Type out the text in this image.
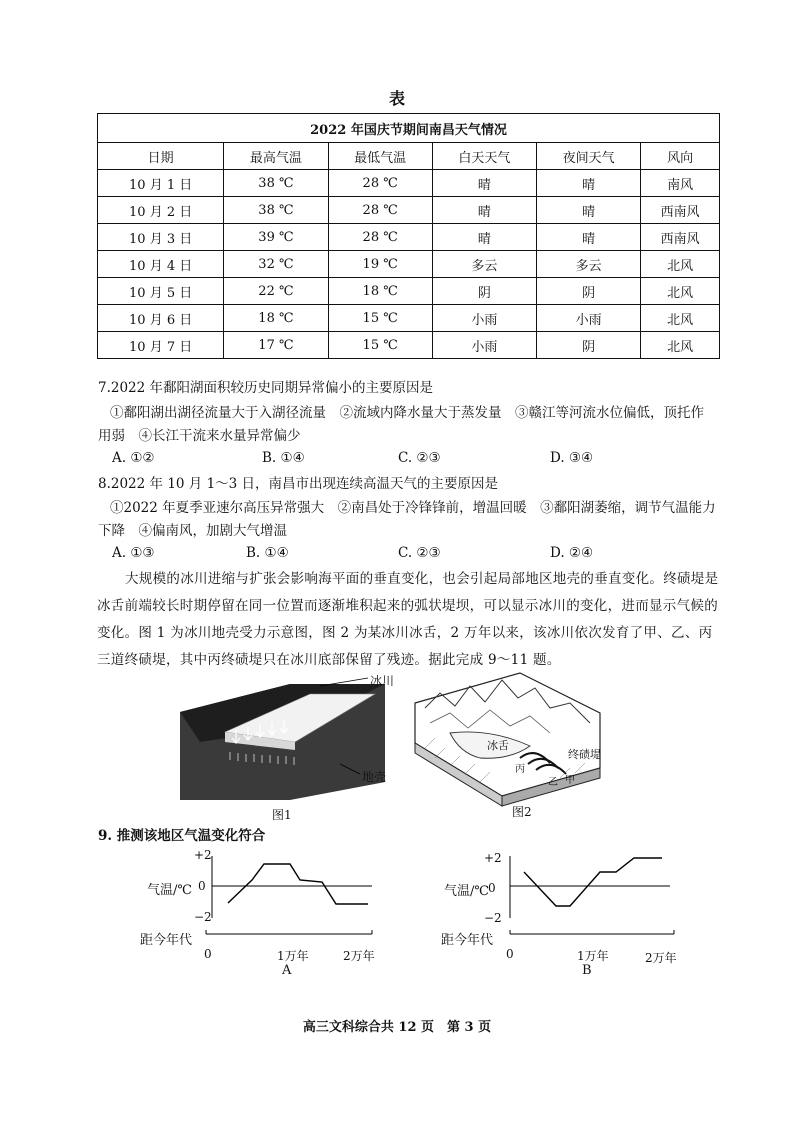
表
2022 年国庆节期间南昌天气情况					
日期	最高气温	最低气温	白天天气	夜间天气	风向
10 月 1 日	38 ℃	28 ℃	晴	晴	南风
10 月 2 日	38 ℃	28 ℃	晴	晴	西南风
10 月 3 日	39 ℃	28 ℃	晴	晴	西南风
10 月 4 日	32 ℃	19 ℃	多云	多云	北风
10 月 5 日	22 ℃	18 ℃	阴	阴	北风
10 月 6 日	18 ℃	15 ℃	小雨	小雨	北风
10 月 7 日	17 ℃	15 ℃	小雨	阴	北风
7.2022 年鄱阳湖面积较历史同期异常偏小的主要原因是
①鄱阳湖出湖径流量大于入湖径流量　②流域内降水量大于蒸发量　③赣江等河流水位偏低，顶托作
用弱　④长江干流来水量异常偏少
A. ①②	B. ①④	C. ②③	D. ③④
8.2022 年 10 月 1～3 日，南昌市出现连续高温天气的主要原因是
①2022 年夏季亚速尔高压异常强大　②南昌处于冷锋锋前，增温回暖　③鄱阳湖萎缩，调节气温能力
下降　④偏南风，加剧大气增温
A. ①③	B. ①④	C. ②③	D. ②④
大规模的冰川进缩与扩张会影响海平面的垂直变化，也会引起局部地区地壳的垂直变化。终碛堤是冰舌前端较长时期停留在同一位置而逐渐堆积起来的弧状堤坝，可以显示冰川的变化，进而显示气候的变化。图 1 为冰川地壳受力示意图，图 2 为某冰川冰舌，2 万年以来，该冰川依次发育了甲、乙、丙三道终碛堤，其中丙终碛堤只在冰川底部保留了残迹。据此完成 9～11 题。
冰川
地壳
图1
冰舌
终碛堤
丙
乙 甲
图2
9. 推测该地区气温变化符合
+2
0
−2
气温/℃
距今年代
0	1万年	2万年
A
+2
0
−2
气温/℃
距今年代
0	1万年	2万年
B
高三文科综合共 12 页　第 3 页
